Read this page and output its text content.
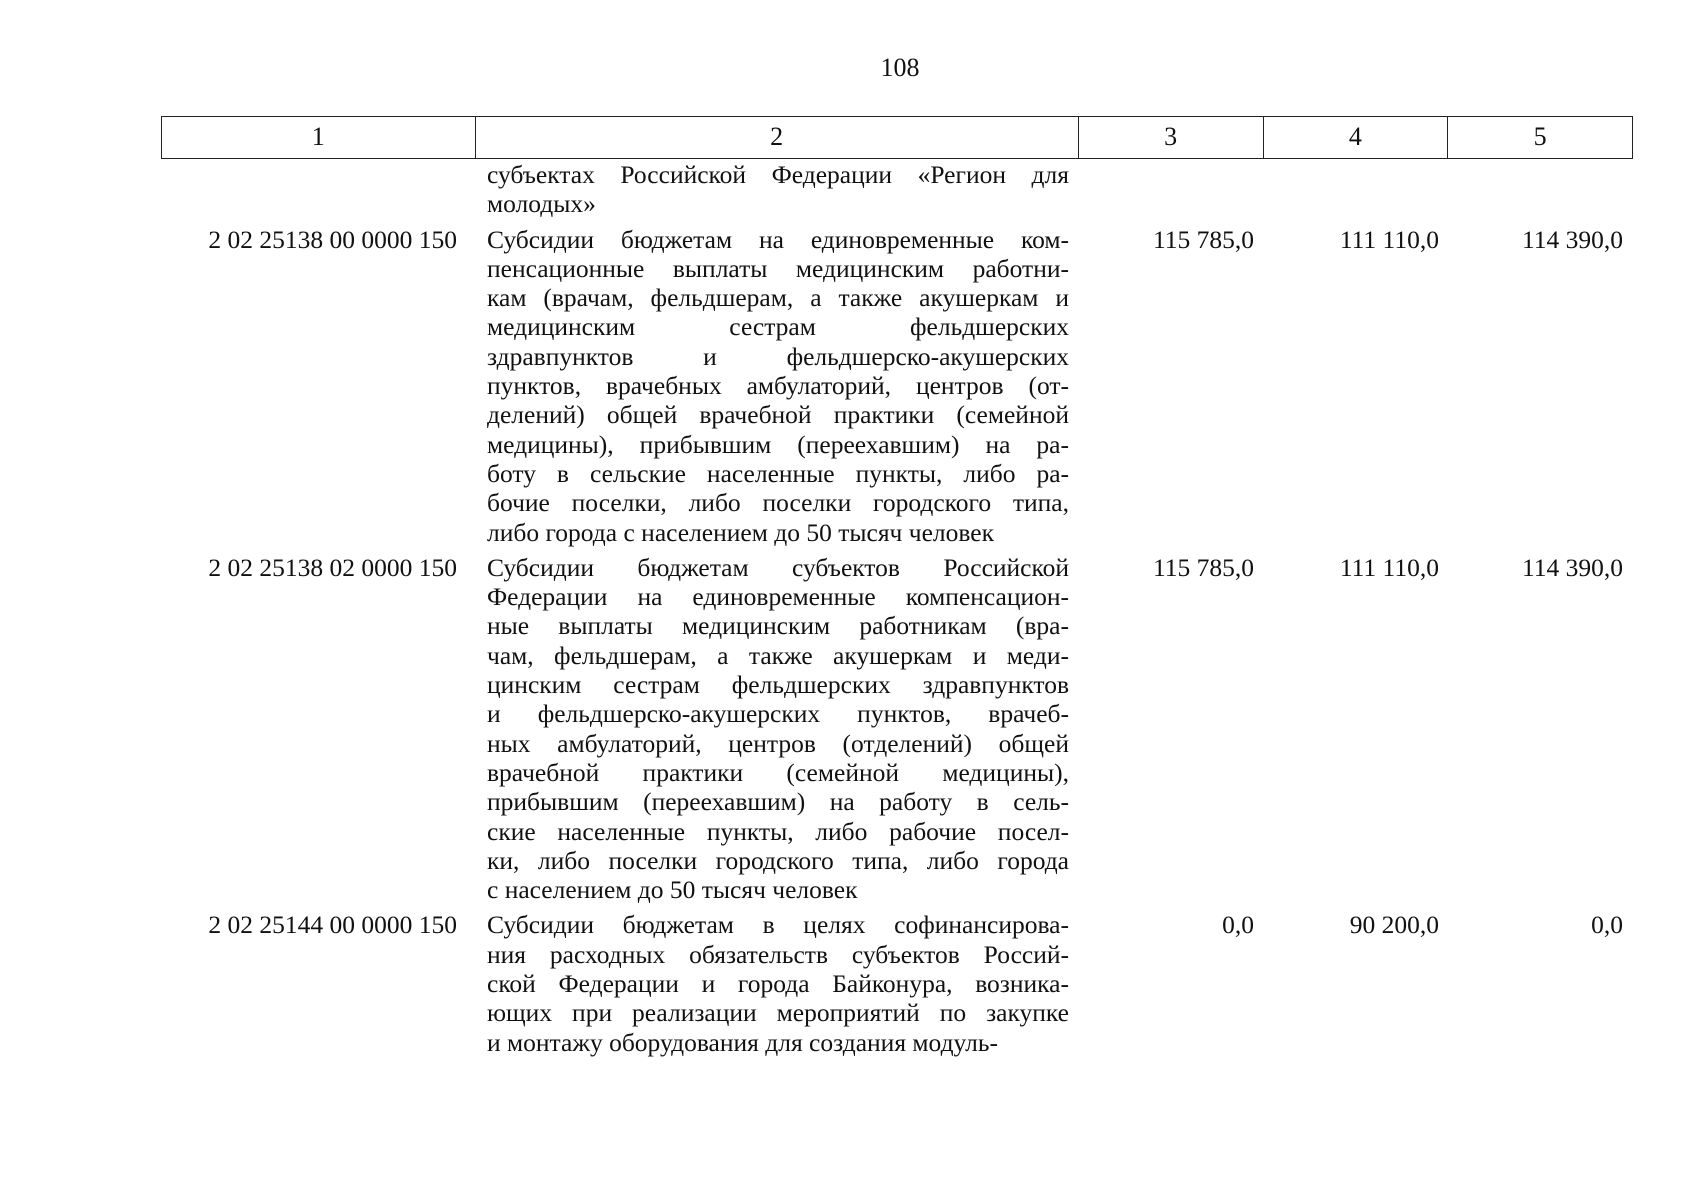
108
1	2	3	4	5
субъектах Российской Федерации «Регион для
молодых»
2 02 25138 00 0000 150	Субсидии бюджетам на единовременные ком-
пенсационные выплаты медицинским работни-
кам (врачам, фельдшерам, а также акушеркам и
медицинским сестрам фельдшерских
здравпунктов и фельдшерско-акушерских
пунктов, врачебных амбулаторий, центров (от-
делений) общей врачебной практики (семейной
медицины), прибывшим (переехавшим) на ра-
боту в сельские населенные пункты, либо ра-
бочие поселки, либо поселки городского типа,
либо города с населением до 50 тысяч человек
115 785,0	111 110,0	114 390,0
2 02 25138 02 0000 150	Субсидии бюджетам субъектов Российской
Федерации на единовременные компенсацион-
ные выплаты медицинским работникам (вра-
чам, фельдшерам, а также акушеркам и меди-
цинским сестрам фельдшерских здравпунктов
и фельдшерско-акушерских пунктов, врачеб-
ных амбулаторий, центров (отделений) общей
врачебной практики (семейной медицины),
прибывшим (переехавшим) на работу в сель-
ские населенные пункты, либо рабочие посел-
ки, либо поселки городского типа, либо города
с населением до 50 тысяч человек
115 785,0	111 110,0	114 390,0
2 02 25144 00 0000 150	Субсидии бюджетам в целях софинансирова-
ния расходных обязательств субъектов Россий-
ской Федерации и города Байконура, возника-
ющих при реализации мероприятий по закупке
и монтажу оборудования для создания модуль-
0,0	90 200,0	0,0
